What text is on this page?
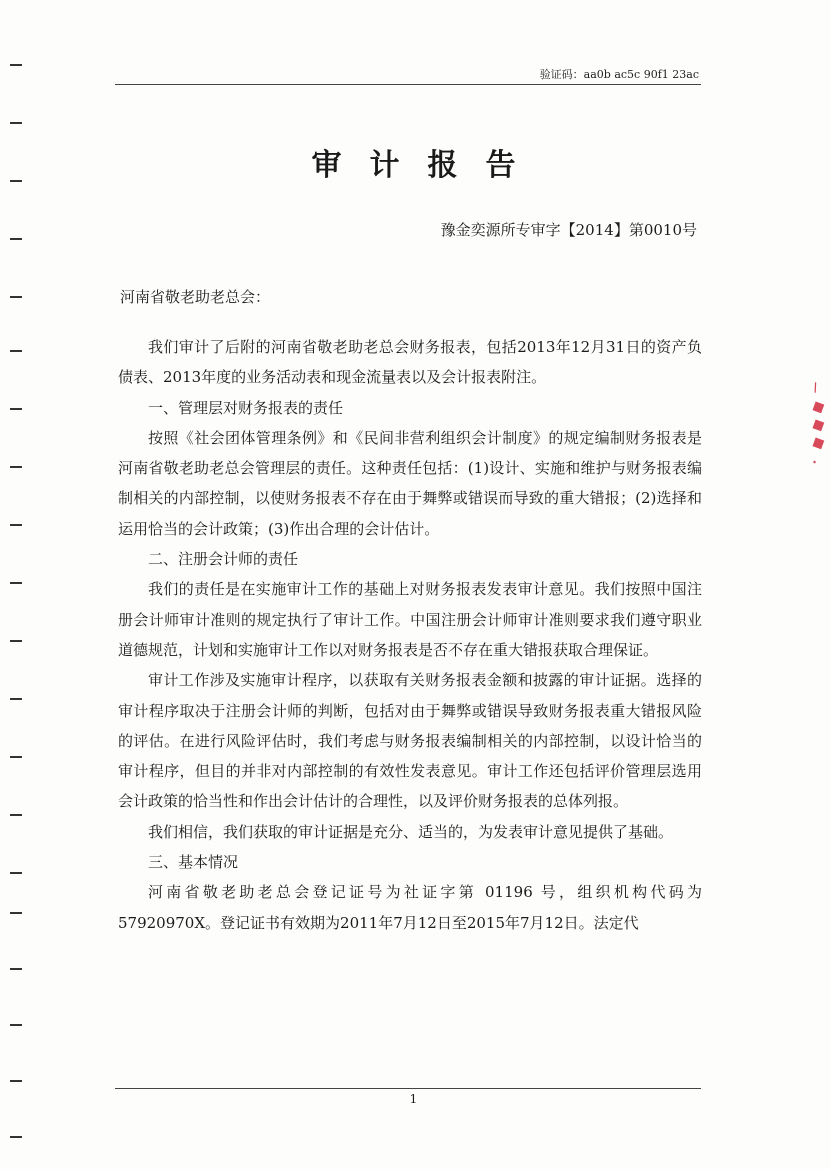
验证码：aa0b ac5c 90f1 23ac
审计报告
豫金奕源所专审字【2014】第0010号
河南省敬老助老总会：

我们审计了后附的河南省敬老助老总会财务报表，包括2013年12月31日的资产负债表、2013年度的业务活动表和现金流量表以及会计报表附注。

一、管理层对财务报表的责任

按照《社会团体管理条例》和《民间非营利组织会计制度》的规定编制财务报表是河南省敬老助老总会管理层的责任。这种责任包括：(1)设计、实施和维护与财务报表编制相关的内部控制，以使财务报表不存在由于舞弊或错误而导致的重大错报；(2)选择和运用恰当的会计政策；(3)作出合理的会计估计。

二、注册会计师的责任

我们的责任是在实施审计工作的基础上对财务报表发表审计意见。我们按照中国注册会计师审计准则的规定执行了审计工作。中国注册会计师审计准则要求我们遵守职业道德规范，计划和实施审计工作以对财务报表是否不存在重大错报获取合理保证。

审计工作涉及实施审计程序，以获取有关财务报表金额和披露的审计证据。选择的审计程序取决于注册会计师的判断，包括对由于舞弊或错误导致财务报表重大错报风险的评估。在进行风险评估时，我们考虑与财务报表编制相关的内部控制，以设计恰当的审计程序，但目的并非对内部控制的有效性发表意见。审计工作还包括评价管理层选用会计政策的恰当性和作出会计估计的合理性，以及评价财务报表的总体列报。

我们相信，我们获取的审计证据是充分、适当的，为发表审计意见提供了基础。

三、基本情况

河南省敬老助老总会登记证号为社证字第 01196 号，组织机构代码为57920970X。登记证书有效期为2011年7月12日至2015年7月12日。法定代

1
\
■
■
■
.
